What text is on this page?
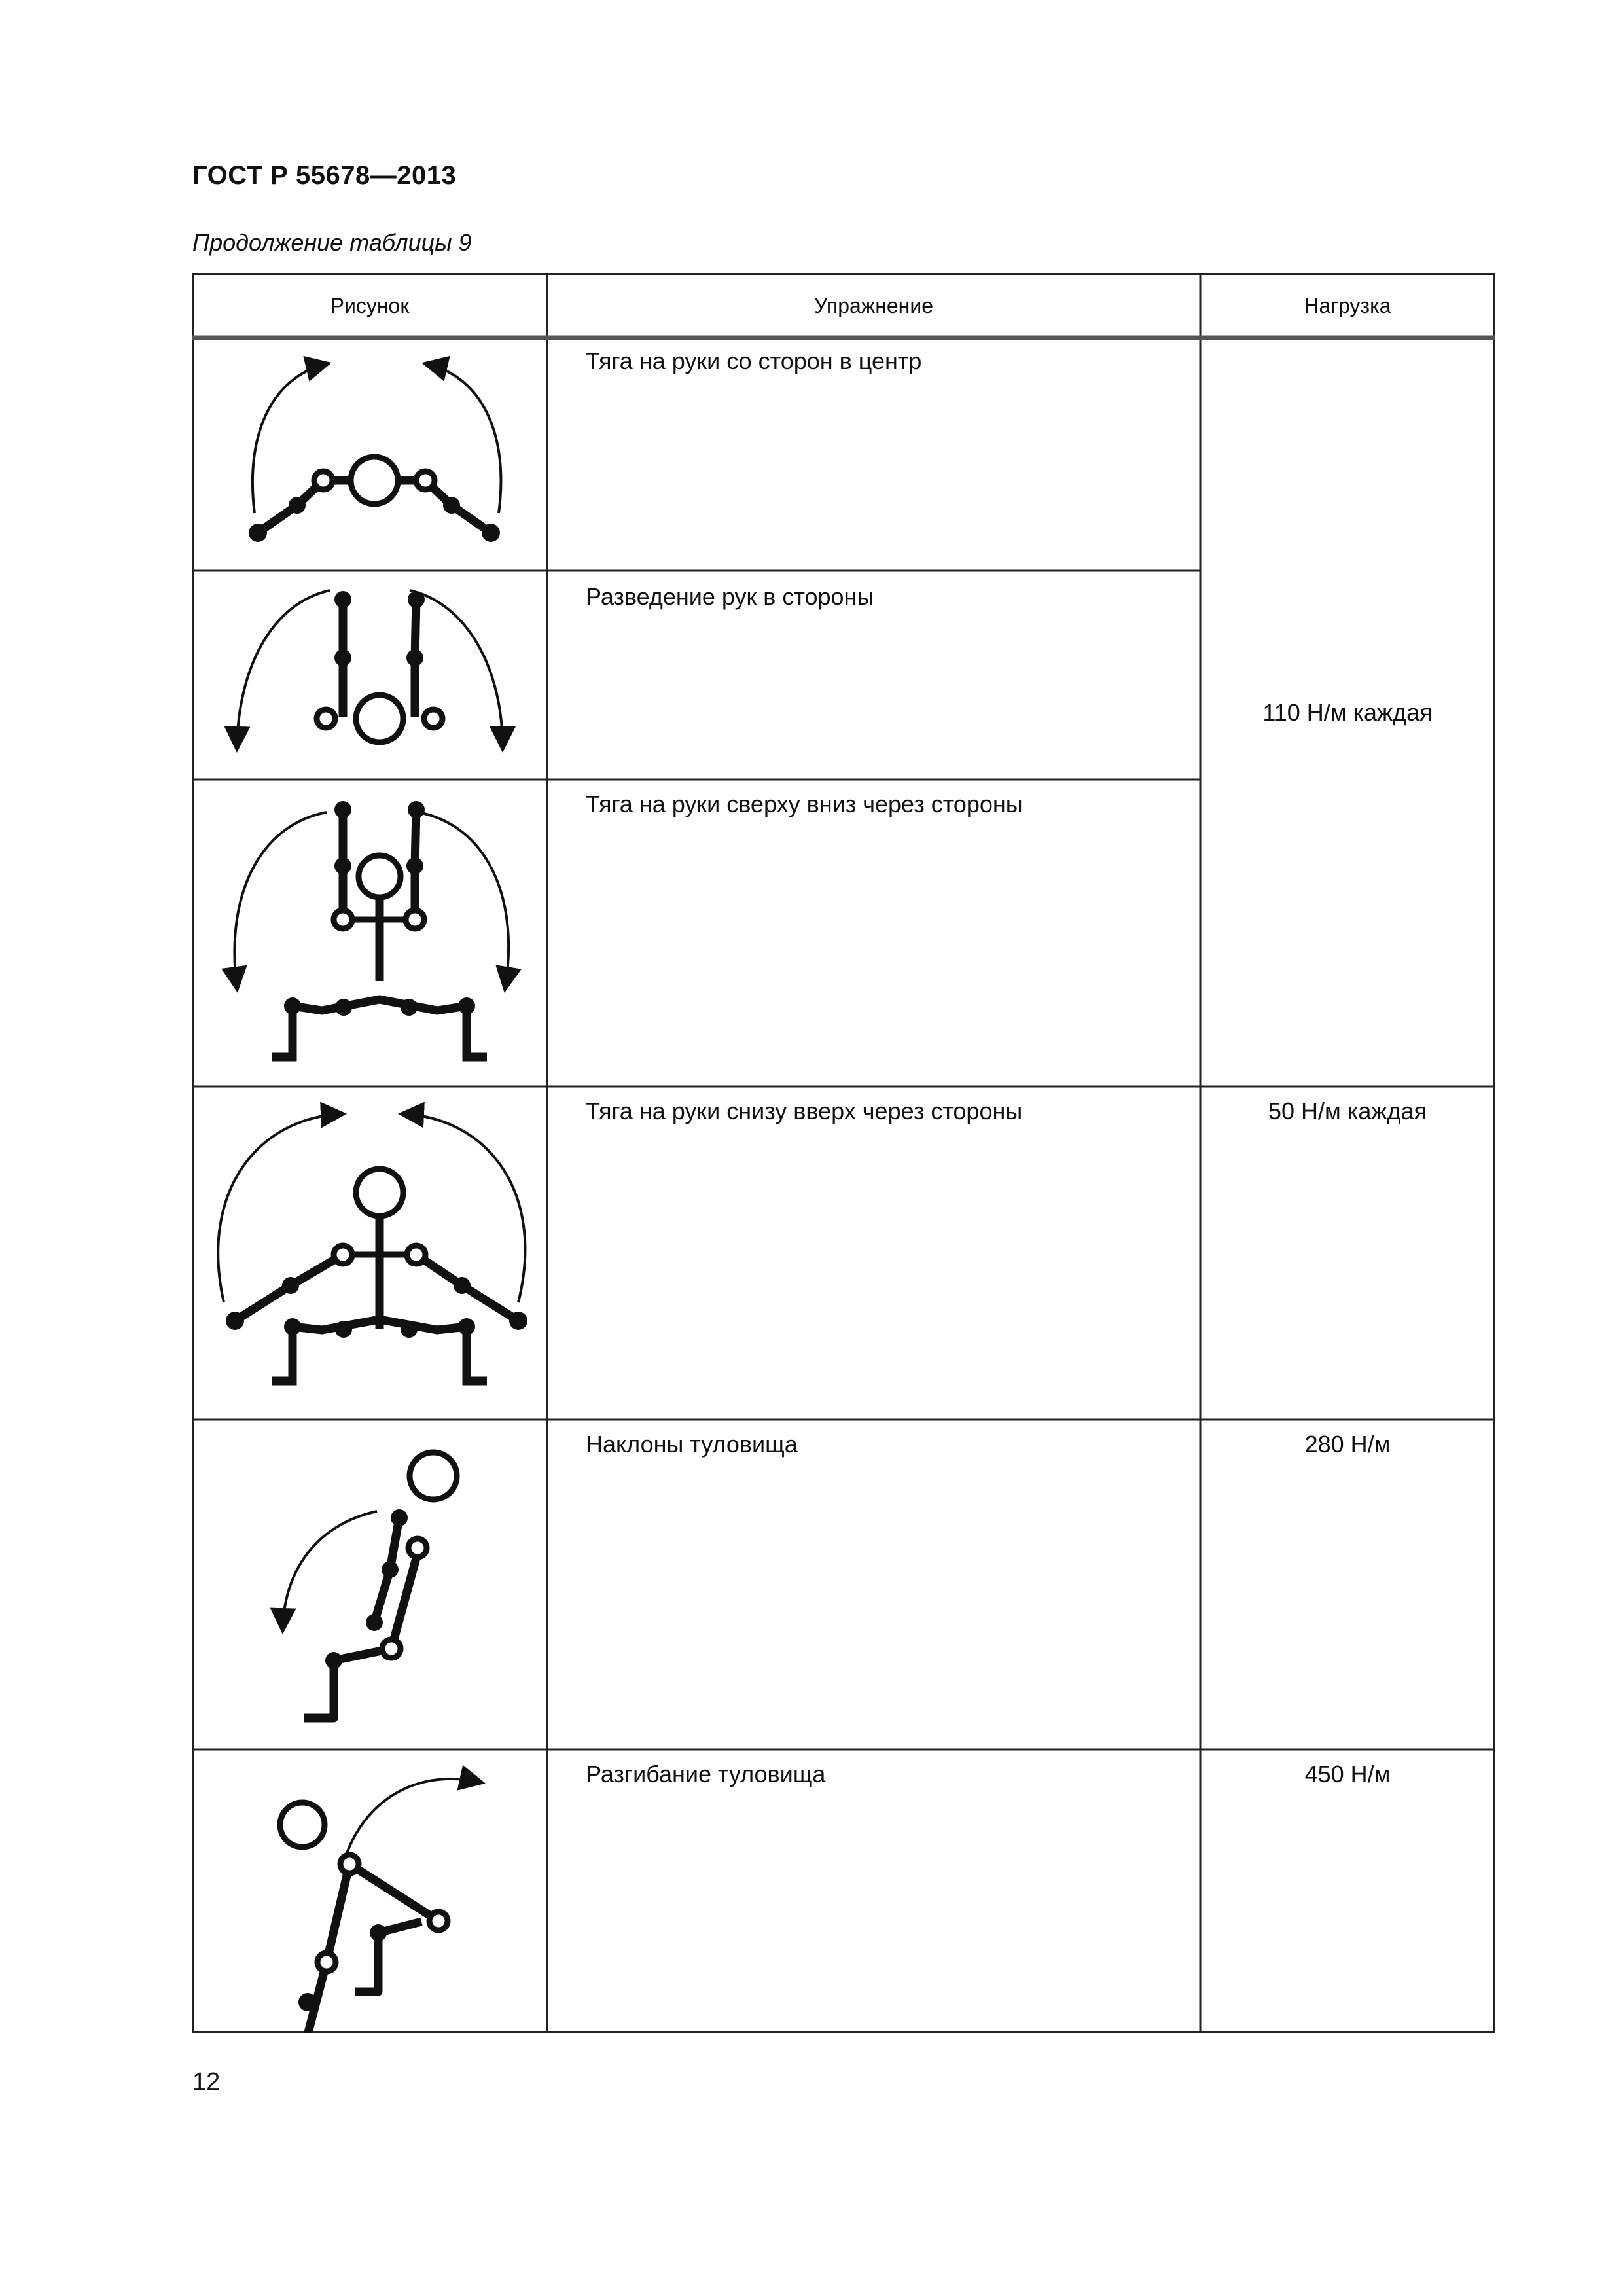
ГОСТ Р 55678—2013
Продолжение таблицы 9
Рисунок	Упражнение	Нагрузка
Тяга на руки со сторон в центр
Разведение рук в стороны
Тяга на руки сверху вниз через стороны
Тяга на руки снизу вверх через стороны
Наклоны туловища
Разгибание туловища
110 Н/м каждая
50 Н/м каждая
280 Н/м
450 Н/м
12
